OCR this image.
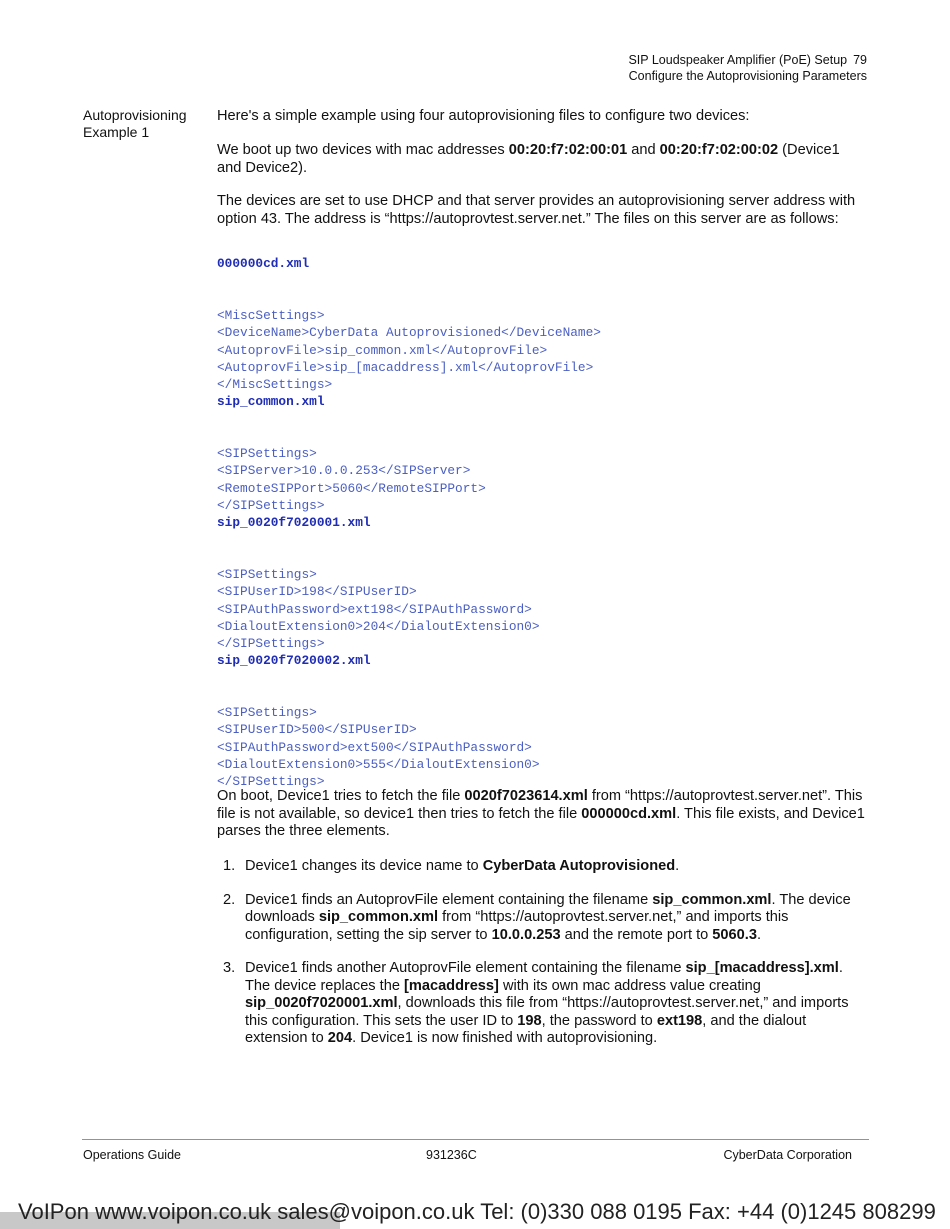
SIP Loudspeaker Amplifier (PoE) Setup 79
Configure the Autoprovisioning Parameters
Autoprovisioning
Example 1
Here's a simple example using four autoprovisioning files to configure two devices:
We boot up two devices with mac addresses 00:20:f7:02:00:01 and 00:20:f7:02:00:02 (Device1 and Device2).
The devices are set to use DHCP and that server provides an autoprovisioning server address with option 43. The address is “https://autoprovtest.server.net.” The files on this server are as follows:
000000cd.xml

<MiscSettings>
<DeviceName>CyberData Autoprovisioned</DeviceName>
<AutoprovFile>sip_common.xml</AutoprovFile>
<AutoprovFile>sip_[macaddress].xml</AutoprovFile>
</MiscSettings>

sip_common.xml

<SIPSettings>
<SIPServer>10.0.0.253</SIPServer>
<RemoteSIPPort>5060</RemoteSIPPort>
</SIPSettings>

sip_0020f7020001.xml

<SIPSettings>
<SIPUserID>198</SIPUserID>
<SIPAuthPassword>ext198</SIPAuthPassword>
<DialoutExtension0>204</DialoutExtension0>
</SIPSettings>

sip_0020f7020002.xml

<SIPSettings>
<SIPUserID>500</SIPUserID>
<SIPAuthPassword>ext500</SIPAuthPassword>
<DialoutExtension0>555</DialoutExtension0>
</SIPSettings>

On boot, Device1 tries to fetch the file 0020f7023614.xml from “https://autoprovtest.server.net”. This file is not available, so device1 then tries to fetch the file 000000cd.xml. This file exists, and Device1 parses the three elements.
1. Device1 changes its device name to CyberData Autoprovisioned.
2. Device1 finds an AutoprovFile element containing the filename sip_common.xml. The device downloads sip_common.xml from “https://autoprovtest.server.net,” and imports this configuration, setting the sip server to 10.0.0.253 and the remote port to 5060.3.
3. Device1 finds another AutoprovFile element containing the filename sip_[macaddress].xml. The device replaces the [macaddress] with its own mac address value creating sip_0020f7020001.xml, downloads this file from “https://autoprovtest.server.net,” and imports this configuration. This sets the user ID to 198, the password to ext198, and the dialout extension to 204. Device1 is now finished with autoprovisioning.
Operations Guide	931236C	CyberData Corporation
VoIPon www.voipon.co.uk sales@voipon.co.uk Tel: (0)330 088 0195 Fax: +44 (0)1245 808299
